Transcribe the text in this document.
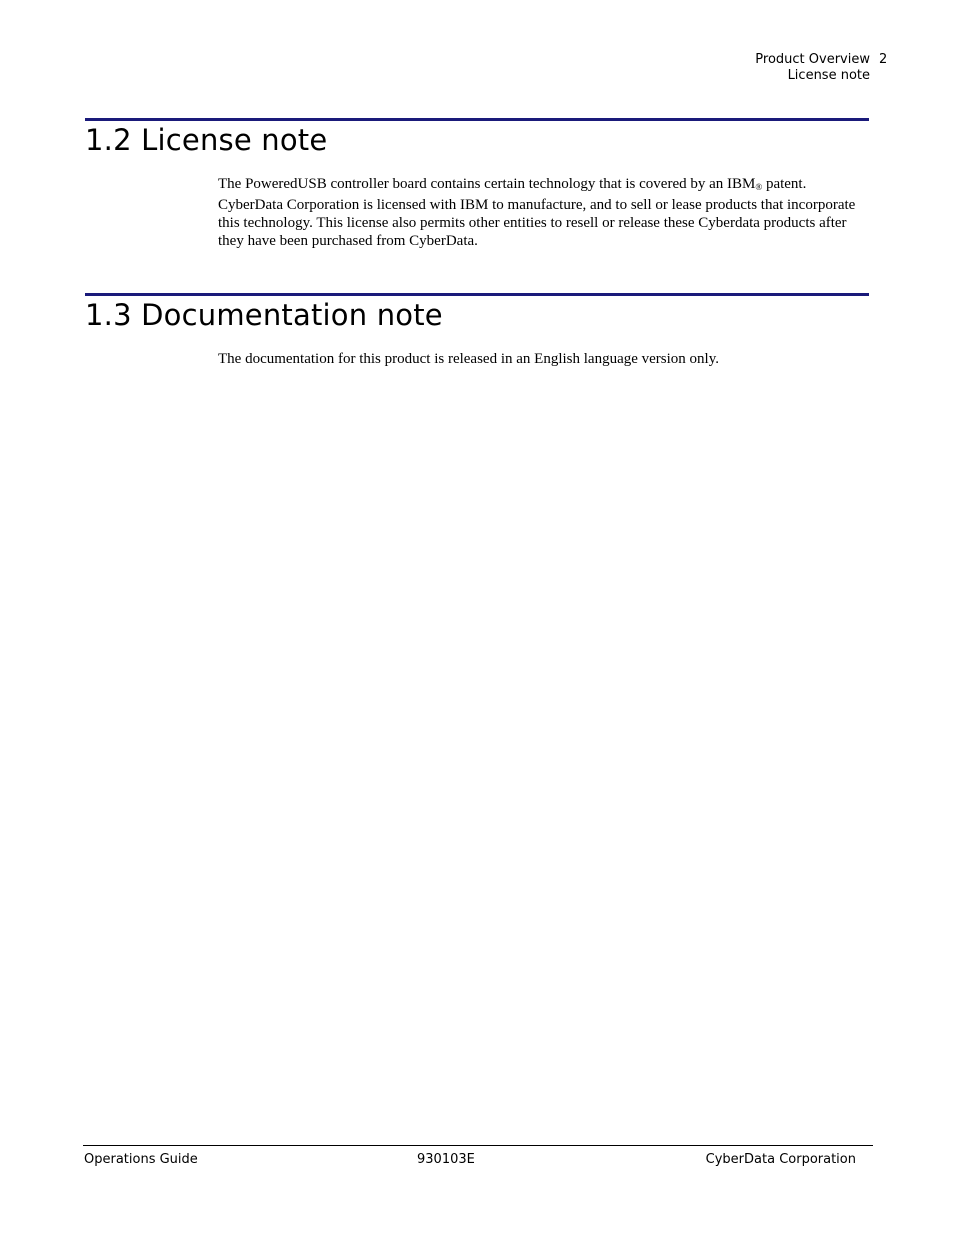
Product Overview 2
License note
1.2 License note

The PoweredUSB controller board contains certain technology that is covered by an IBM® patent. CyberData Corporation is licensed with IBM to manufacture, and to sell or lease products that incorporate this technology. This license also permits other entities to resell or release these Cyberdata products after they have been purchased from CyberData.

1.3 Documentation note

The documentation for this product is released in an English language version only.

Operations Guide	930103E	CyberData Corporation
